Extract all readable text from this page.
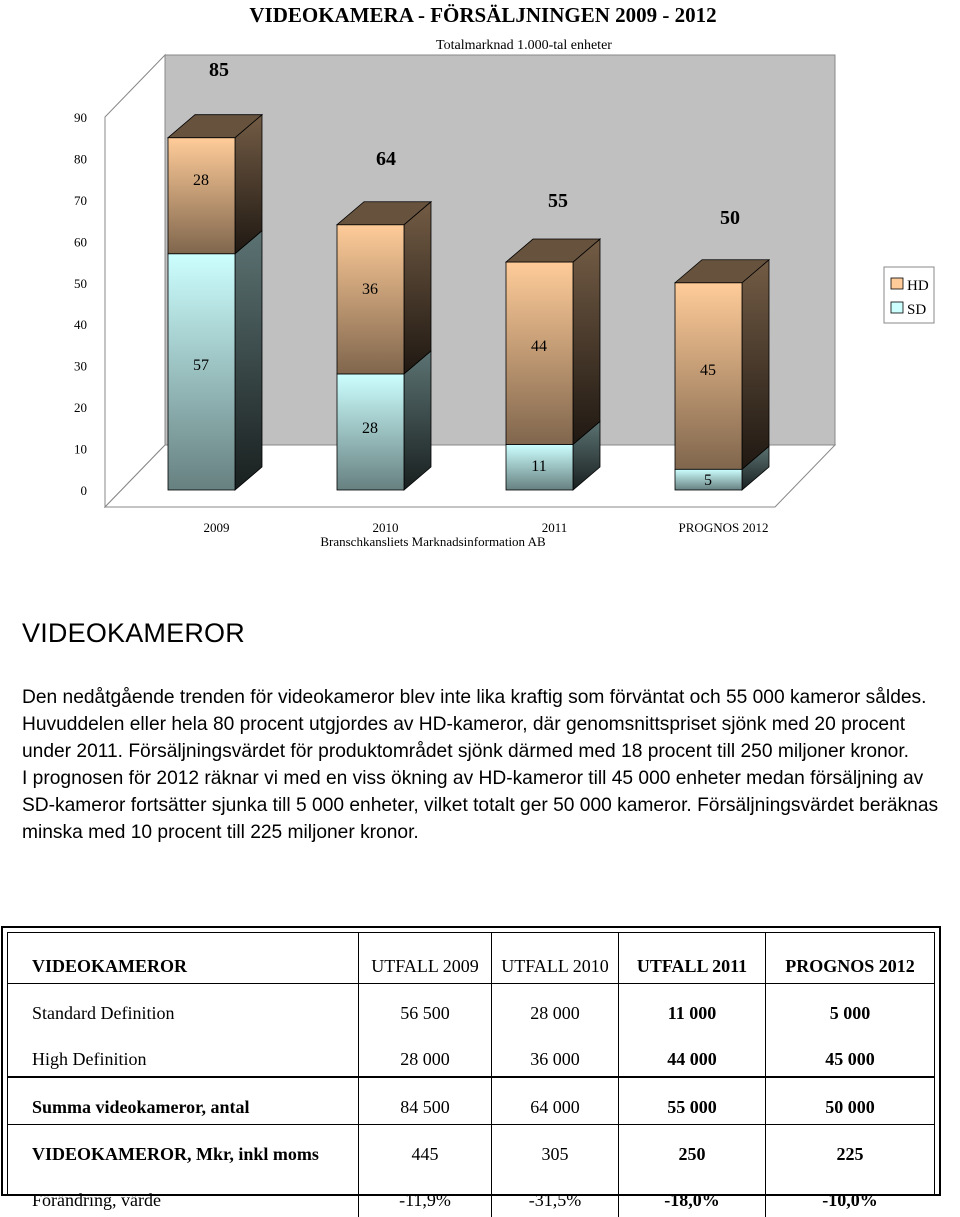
VIDEOKAMERA - FÖRSÄLJNINGEN 2009 - 2012
Totalmarknad 1.000-tal enheter
0
10
20
30
40
50
60
70
80
90
57
28
85
28
36
64
11
44
55
5
45
50
2009	2010	2011	PROGNOS 2012
Branschkansliets Marknadsinformation AB
HD
SD
VIDEOKAMEROR

Den nedåtgående trenden för videokameror blev inte lika kraftig som förväntat och 55 000 kameror såldes. Huvuddelen eller hela 80 procent utgjordes av HD-kameror, där genomsnittspriset sjönk med 20 procent under 2011. Försäljningsvärdet för produktområdet sjönk därmed med 18 procent till 250 miljoner kronor.

I prognosen för 2012 räknar vi med en viss ökning av HD-kameror till 45 000 enheter medan försäljning av SD-kameror fortsätter sjunka till 5 000 enheter, vilket totalt ger 50 000 kameror. Försäljningsvärdet beräknas minska med 10 procent till 225 miljoner kronor.

VIDEOKAMEROR	UTFALL 2009	UTFALL 2010	UTFALL 2011	PROGNOS 2012
Standard Definition	56 500	28 000	11 000	5 000
High Definition	28 000	36 000	44 000	45 000
Summa videokameror, antal	84 500	64 000	55 000	50 000
VIDEOKAMEROR, Mkr, inkl moms	445	305	250	225
Förändring, värde	-11,9%	-31,5%	-18,0%	-10,0%
